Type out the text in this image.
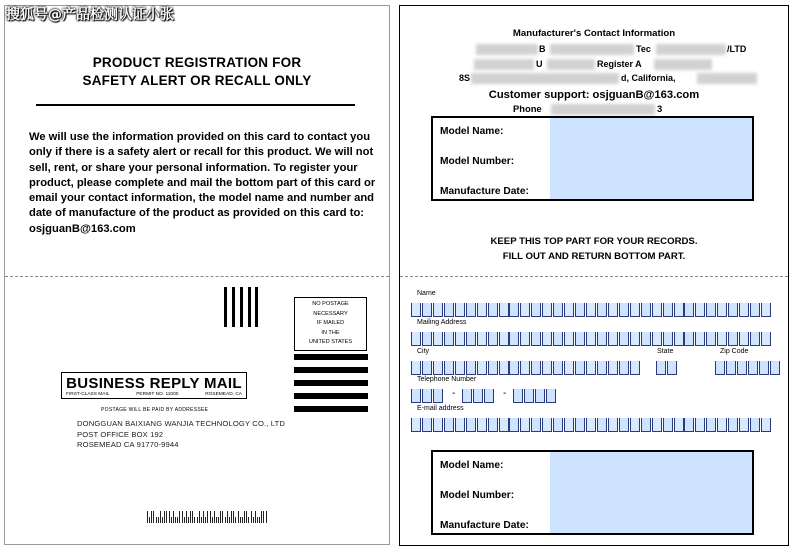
搜狐号@产品检测认证小张
PRODUCT REGISTRATION FOR
SAFETY ALERT OR RECALL ONLY
We will use the information provided on this card to contact you only if there is a safety alert or recall for this product. We will not sell, rent, or share your personal information. To register your product, please complete and mail the bottom part of this card or email your contact information, the model name and number and date of manufacture of the product as provided on this card to: osjguanB@163.com
NO POSTAGE
NECESSARY
IF MAILED
IN THE
UNITED STATES
BUSINESS REPLY MAIL
FIRST-CLASS MAIL	PERMIT NO. 11000	ROSEMEAD, CA
POSTAGE WILL BE PAID BY ADDRESSEE
DONGGUAN BAIXIANG WANJIA TECHNOLOGY CO., LTD
POST OFFICE BOX 192
ROSEMEAD CA 91770-9944
Manufacturer's Contact Information
B	Tec	/LTD
U	Register A
8S	d, California,
Customer support: osjguanB@163.com
Phone	3
Model Name:
Model Number:
Manufacture Date:
KEEP THIS TOP PART FOR YOUR RECORDS.
FILL OUT AND RETURN BOTTOM PART.
Name
Mailing Address
City	State	Zip Code
Telephone Number
-	-
E-mail address
Model Name:
Model Number:
Manufacture Date:
